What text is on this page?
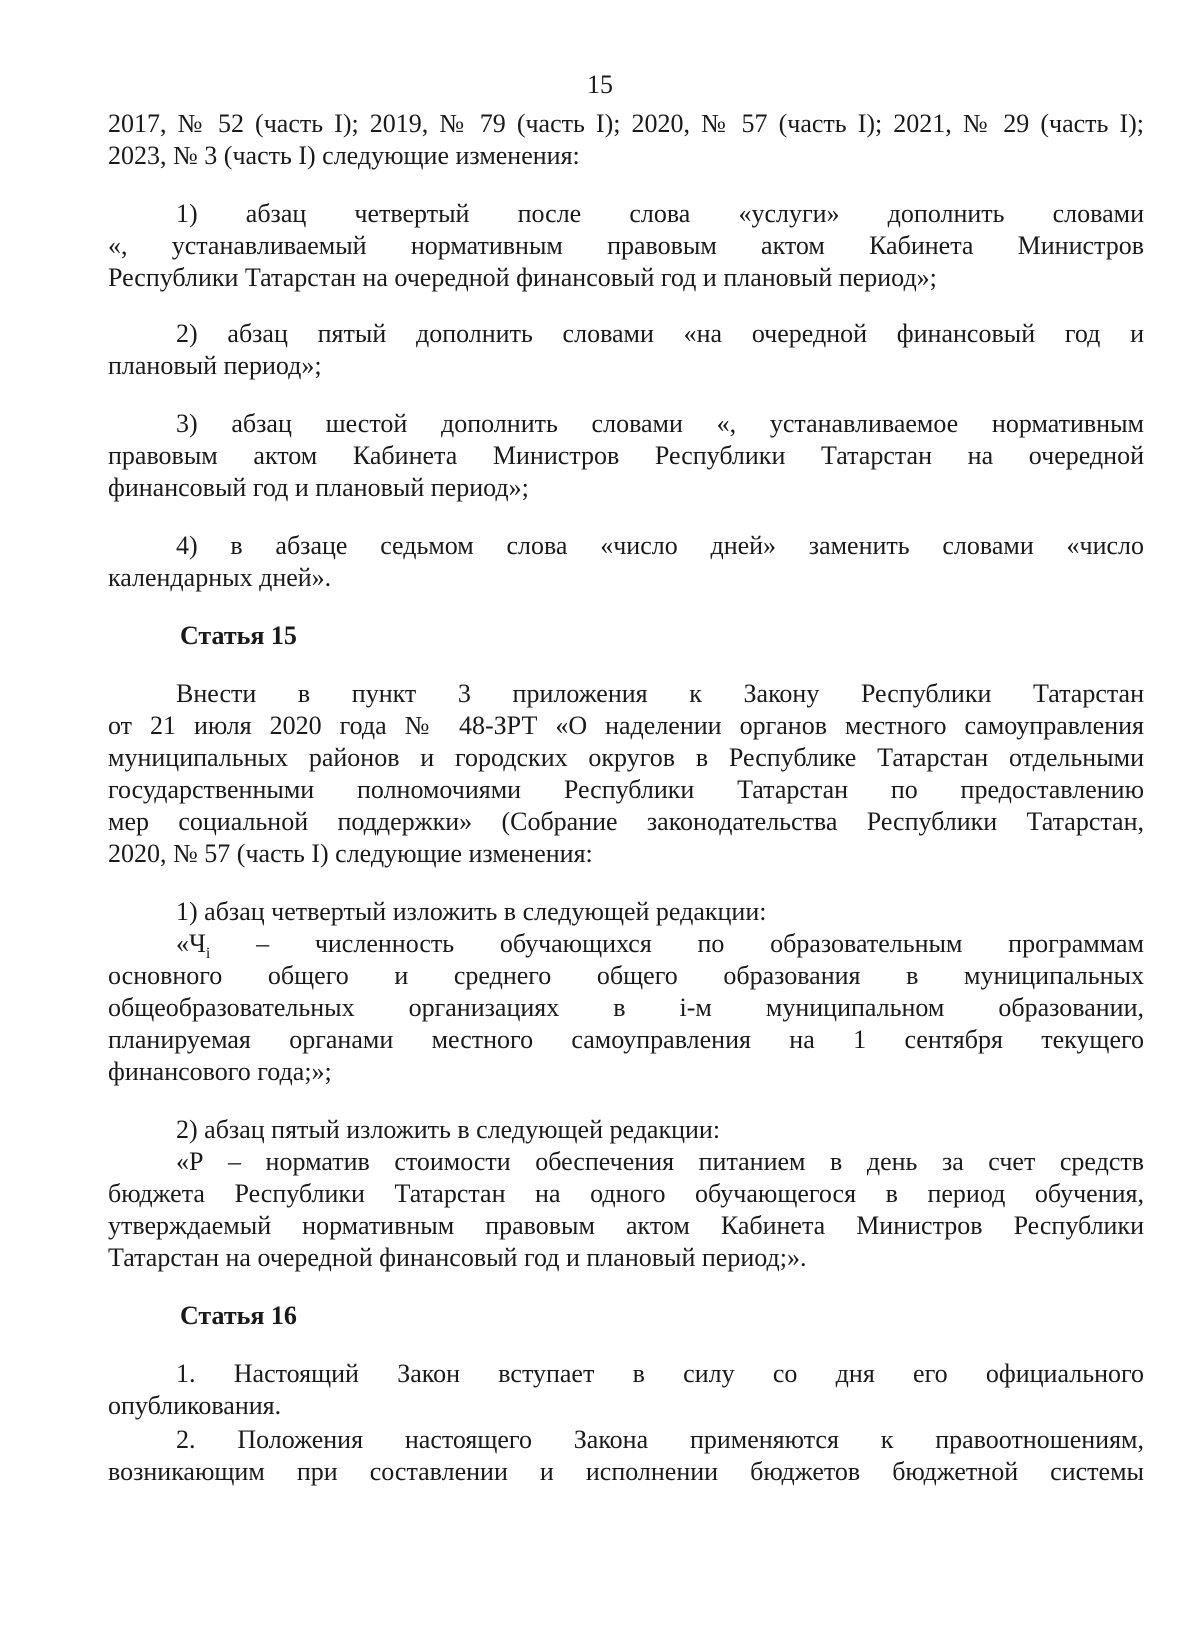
15
2017, № 52 (часть I); 2019, № 79 (часть I); 2020, № 57 (часть I); 2021, № 29 (часть I);
2023, № 3 (часть I) следующие изменения:
1) абзац четвертый после слова «услуги» дополнить словами
«, устанавливаемый нормативным правовым актом Кабинета Министров
Республики Татарстан на очередной финансовый год и плановый период»;
2) абзац пятый дополнить словами «на очередной финансовый год и
плановый период»;
3) абзац шестой дополнить словами «, устанавливаемое нормативным
правовым актом Кабинета Министров Республики Татарстан на очередной
финансовый год и плановый период»;
4) в абзаце седьмом слова «число дней» заменить словами «число
календарных дней».
Статья 15
Внести в пункт 3 приложения к Закону Республики Татарстан
от 21 июля 2020 года № 48-ЗРТ «О наделении органов местного самоуправления
муниципальных районов и городских округов в Республике Татарстан отдельными
государственными полномочиями Республики Татарстан по предоставлению
мер социальной поддержки» (Собрание законодательства Республики Татарстан,
2020, № 57 (часть I) следующие изменения:
1) абзац четвертый изложить в следующей редакции:
«$Ч_i$ – численность обучающихся по образовательным программам
основного общего и среднего общего образования в муниципальных
общеобразовательных организациях в i-м муниципальном образовании,
планируемая органами местного самоуправления на 1 сентября текущего
финансового года;»;
2) абзац пятый изложить в следующей редакции:
«Р – норматив стоимости обеспечения питанием в день за счет средств
бюджета Республики Татарстан на одного обучающегося в период обучения,
утверждаемый нормативным правовым актом Кабинета Министров Республики
Татарстан на очередной финансовый год и плановый период;».
Статья 16
1. Настоящий Закон вступает в силу со дня его официального
опубликования.
2. Положения настоящего Закона применяются к правоотношениям,
возникающим при составлении и исполнении бюджетов бюджетной системы
